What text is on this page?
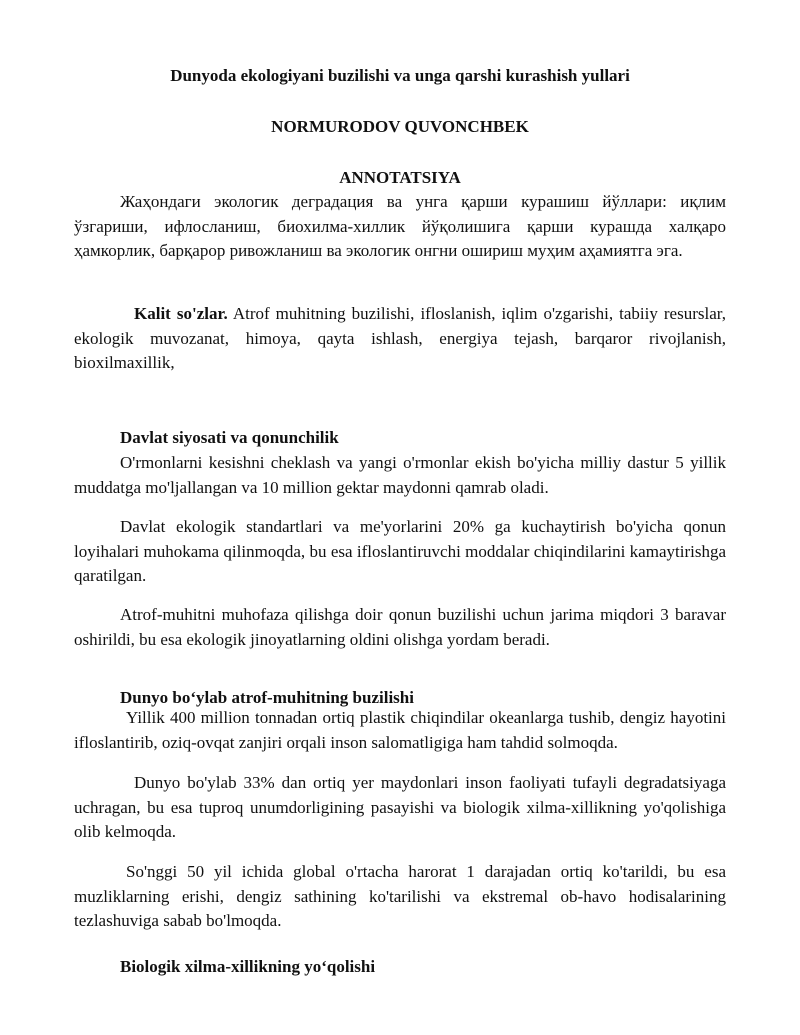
Dunyoda ekologiyani buzilishi va unga qarshi kurashish yullari
NORMURODOV QUVONCHBEK
ANNOTATSIYA

Жаҳондаги экологик деградация ва унга қарши курашиш йўллари: иқлим ўзгариши, ифлосланиш, биохилма-хиллик йўқолишига қарши курашда халқаро ҳамкорлик, барқарор ривожланиш ва экологик онгни ошириш муҳим аҳамиятга эга.

Kalit so'zlar. Atrof muhitning buzilishi, ifloslanish, iqlim o'zgarishi, tabiiy resurslar, ekologik muvozanat, himoya, qayta ishlash, energiya tejash, barqaror rivojlanish, bioxilmaxillik,

Davlat siyosati va qonunchilik

O'rmonlarni kesishni cheklash va yangi o'rmonlar ekish bo'yicha milliy dastur 5 yillik muddatga mo'ljallangan va 10 million gektar maydonni qamrab oladi.

Davlat ekologik standartlari va me'yorlarini 20% ga kuchaytirish bo'yicha qonun loyihalari muhokama qilinmoqda, bu esa ifloslantiruvchi moddalar chiqindilarini kamaytirishga qaratilgan.

Atrof-muhitni muhofaza qilishga doir qonun buzilishi uchun jarima miqdori 3 baravar oshirildi, bu esa ekologik jinoyatlarning oldini olishga yordam beradi.

Dunyo bo‘ylab atrof-muhitning buzilishi

Yillik 400 million tonnadan ortiq plastik chiqindilar okeanlarga tushib, dengiz hayotini ifloslantirib, oziq-ovqat zanjiri orqali inson salomatligiga ham tahdid solmoqda.

Dunyo bo'ylab 33% dan ortiq yer maydonlari inson faoliyati tufayli degradatsiyaga uchragan, bu esa tuproq unumdorligining pasayishi va biologik xilma-xillikning yo'qolishiga olib kelmoqda.

So'nggi 50 yil ichida global o'rtacha harorat 1 darajadan ortiq ko'tarildi, bu esa muzliklarning erishi, dengiz sathining ko'tarilishi va ekstremal ob-havo hodisalarining tezlashuviga sabab bo'lmoqda.

Biologik xilma-xillikning yo‘qolishi
